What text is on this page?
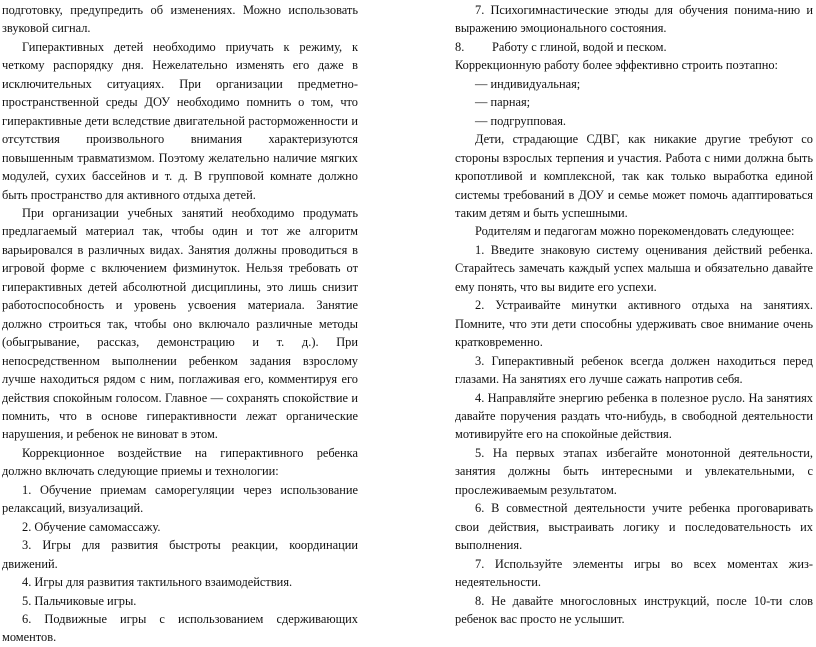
подготовку, предупредить об изменениях. Можно использовать звуковой сигнал.

Гиперактивных детей необходимо приучать к режиму, к четкому распорядку дня. Нежелательно изменять его даже в исключительных ситуациях. При организации предметно-пространственной среды ДОУ необходимо помнить о том, что гиперактивные дети вследствие двигательной расторможенности и отсутствия произвольного внимания характеризуются повышенным травматизмом. Поэтому желательно наличие мягких модулей, сухих бассейнов и т. д. В групповой комнате должно быть пространство для активного отдыха детей.

При организации учебных занятий необходимо продумать предлагаемый материал так, чтобы один и тот же алгоритм варьировался в различных видах. Занятия должны проводиться в игровой форме с включением физминуток. Нельзя требовать от гиперактивных детей абсолютной дисциплины, это лишь снизит работоспособность и уровень усвоения материала. Занятие должно строиться так, чтобы оно включало различные методы (обыгрывание, рассказ, демонстрацию и т. д.). При непосредственном выполнении ребенком задания взрослому лучше находиться рядом с ним, поглаживая его, комментируя его действия спокойным голосом. Главное — сохранять спокойствие и помнить, что в основе гиперактивности лежат органические нарушения, и ребенок не виноват в этом.

Коррекционное воздействие на гиперактивного ребенка должно включать следующие приемы и технологии:

1. Обучение приемам саморегуляции через использование релаксаций, визуализаций.

2. Обучение самомассажу.

3. Игры для развития быстроты реакции, координации движений.

4. Игры для развития тактильного взаимодействия.

5. Пальчиковые игры.

6. Подвижные игры с использованием сдерживающих моментов.

7. Психогимнастические этюды для обучения понима-нию и выражению эмоционального состояния.

8.	Работу с глиной, водой и песком.

Коррекционную работу более эффективно строить поэтапно:

— индивидуальная;

— парная;

— подгрупповая.

Дети, страдающие СДВГ, как никакие другие требуют со стороны взрослых терпения и участия. Работа с ними должна быть кропотливой и комплексной, так как только выработка единой системы требований в ДОУ и семье может помочь адаптироваться таким детям и быть успешными.

Родителям и педагогам можно порекомендовать следующее:

1. Введите знаковую систему оценивания действий ребенка. Старайтесь замечать каждый успех малыша и обязательно давайте ему понять, что вы видите его успехи.

2. Устраивайте минутки активного отдыха на занятиях. Помните, что эти дети способны удерживать свое внимание очень кратковременно.

3. Гиперактивный ребенок всегда должен находиться перед глазами. На занятиях его лучше сажать напротив себя.

4. Направляйте энергию ребенка в полезное русло. На занятиях давайте поручения раздать что-нибудь, в свободной деятельности мотивируйте его на спокойные действия.

5. На первых этапах избегайте монотонной деятельности, занятия должны быть интересными и увлекательными, с прослеживаемым результатом.

6. В совместной деятельности учите ребенка проговаривать свои действия, выстраивать логику и последовательность их выполнения.

7. Используйте элементы игры во всех моментах жиз-недеятельности.

8. Не давайте многословных инструкций, после 10-ти слов ребенок вас просто не услышит.
